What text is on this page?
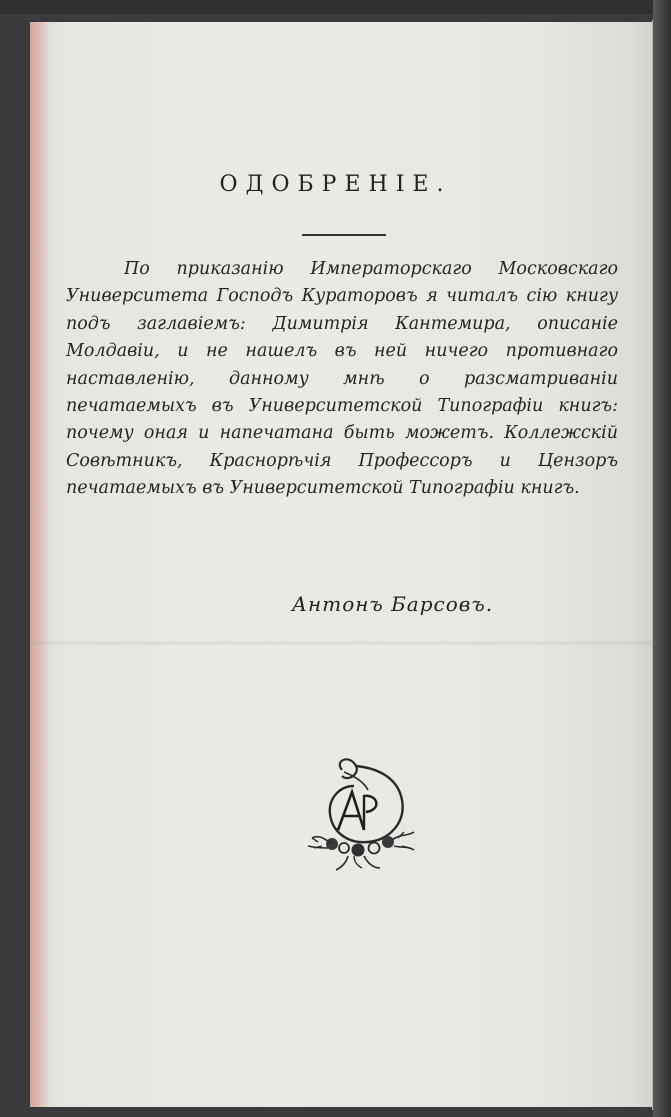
ОДОБРЕНІЕ.

По приказанію Императорскаго Московскаго Университета Господъ Кураторовъ я читалъ сію книгу подъ заглавіемъ: Димитрія Кантемира, описаніе Молдавіи, и не нашелъ въ ней ничего противнаго наставленію, данному мнѣ о разсматриваніи печатаемыхъ въ Университетской Типографіи книгъ: почему оная и напечатана быть можетъ. Коллежскій Совѣтникъ, Краснорѣчія Профессоръ и Цензоръ печатаемыхъ въ Университетской Типографіи книгъ.

Антонъ Барсовъ.
